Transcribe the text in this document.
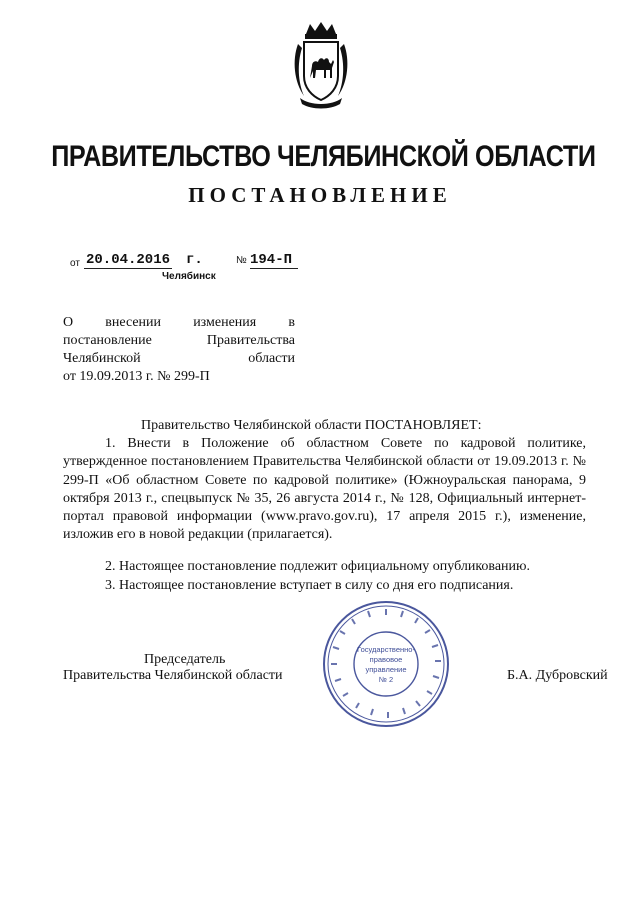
ПРАВИТЕЛЬСТВО ЧЕЛЯБИНСКОЙ ОБЛАСТИ
ПОСТАНОВЛЕНИЕ
от 20.04.2016 г.	№ 194-П
Челябинск
О внесении изменения в
постановление	Правительства
Челябинской	области
от 19.09.2013 г. № 299-П
Правительство Челябинской области ПОСТАНОВЛЯЕТ:
1. Внести в Положение об областном Совете по кадровой политике, утвержденное постановлением Правительства Челябинской области от 19.09.2013 г. № 299-П «Об областном Совете по кадровой политике» (Южноуральская панорама, 9 октября 2013 г., спецвыпуск № 35, 26 августа 2014 г., № 128, Официальный интернет-портал правовой информации (www.pravo.gov.ru), 17 апреля 2015 г.), изменение, изложив его в новой редакции (прилагается).
2. Настоящее постановление подлежит официальному опубликованию.
3. Настоящее постановление вступает в силу со дня его подписания.
Председатель
Правительства Челябинской области	Б.А. Дубровский
Государственно-
правовое
управление
№ 2
